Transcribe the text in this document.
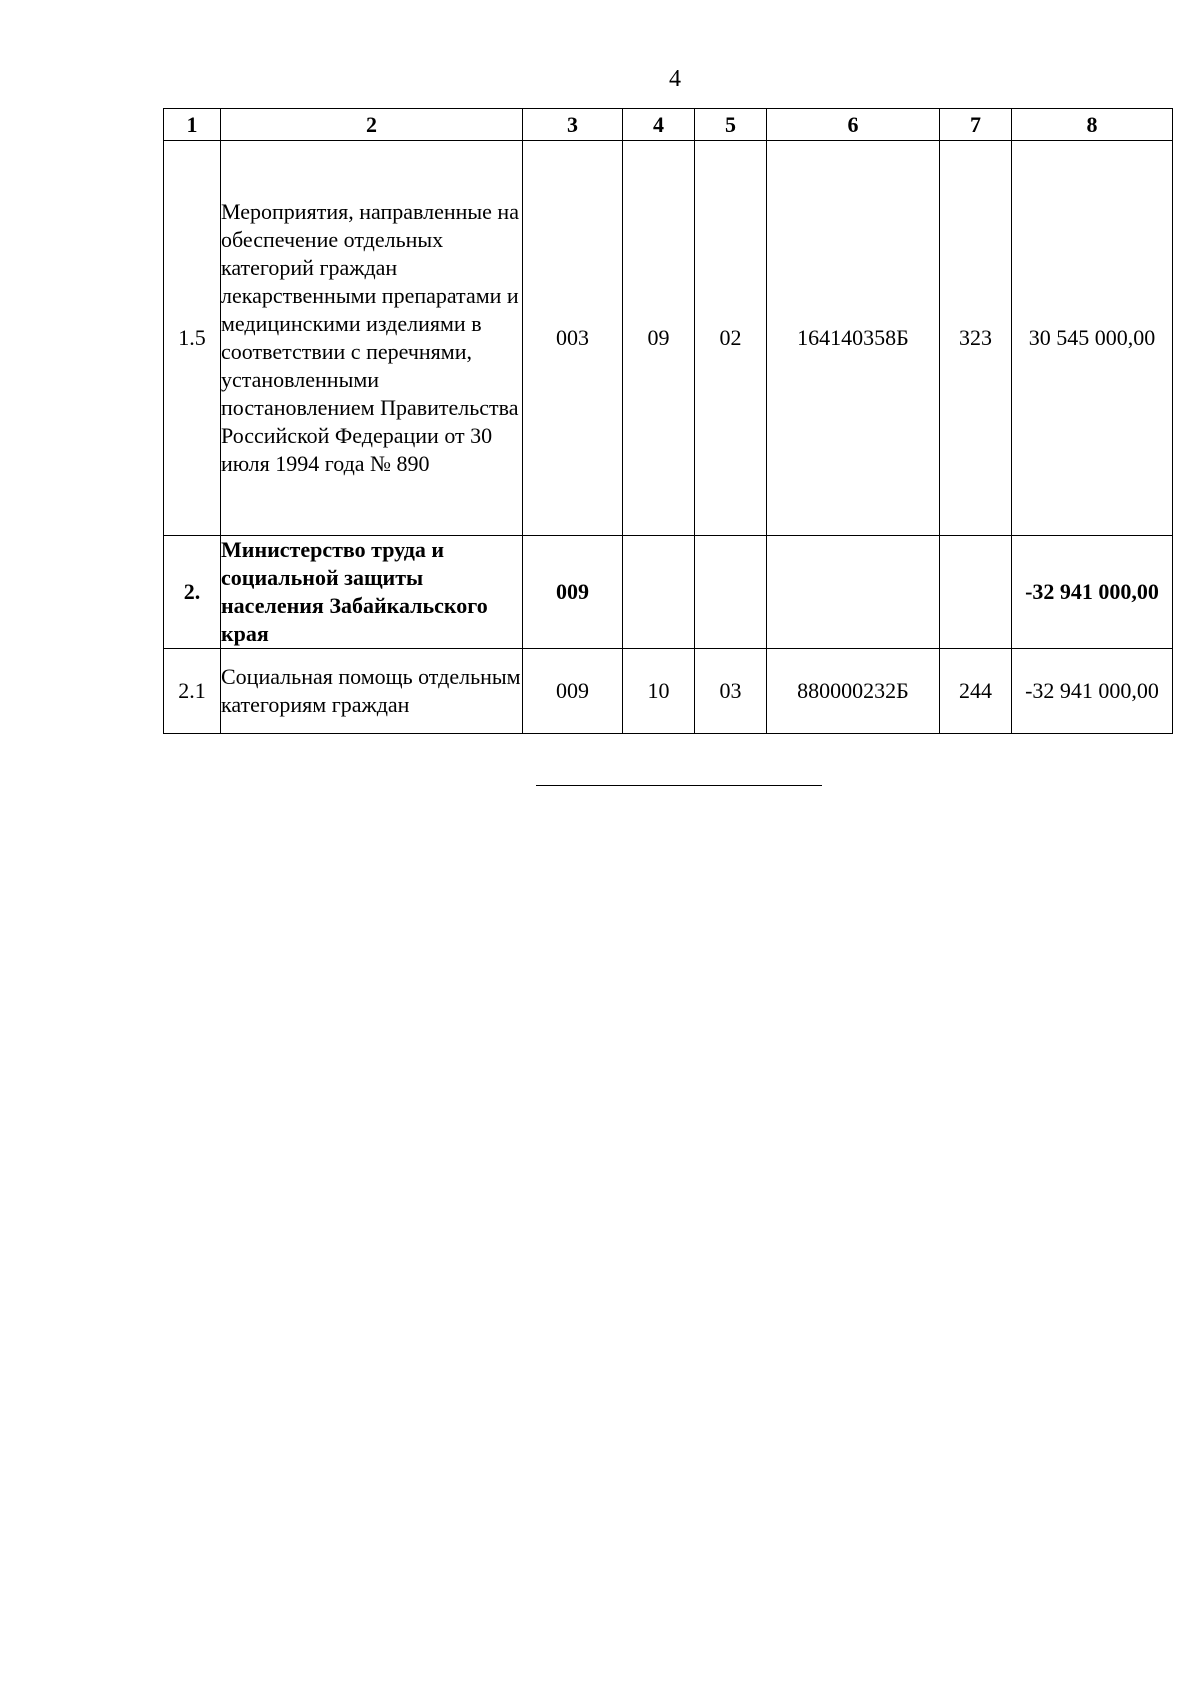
4
1	2	3	4	5	6	7	8
1.5	Мероприятия, направленные на обеспечение отдельных категорий граждан лекарственными препаратами и медицинскими изделиями в соответствии с перечнями, установленными постановлением Правительства Российской Федерации от 30 июля 1994 года № 890	003	09	02	164140358Б	323	30 545 000,00
2.	Министерство труда и социальной защиты населения Забайкальского края	009					-32 941 000,00
2.1	Социальная помощь отдельным категориям граждан	009	10	03	880000232Б	244	-32 941 000,00
